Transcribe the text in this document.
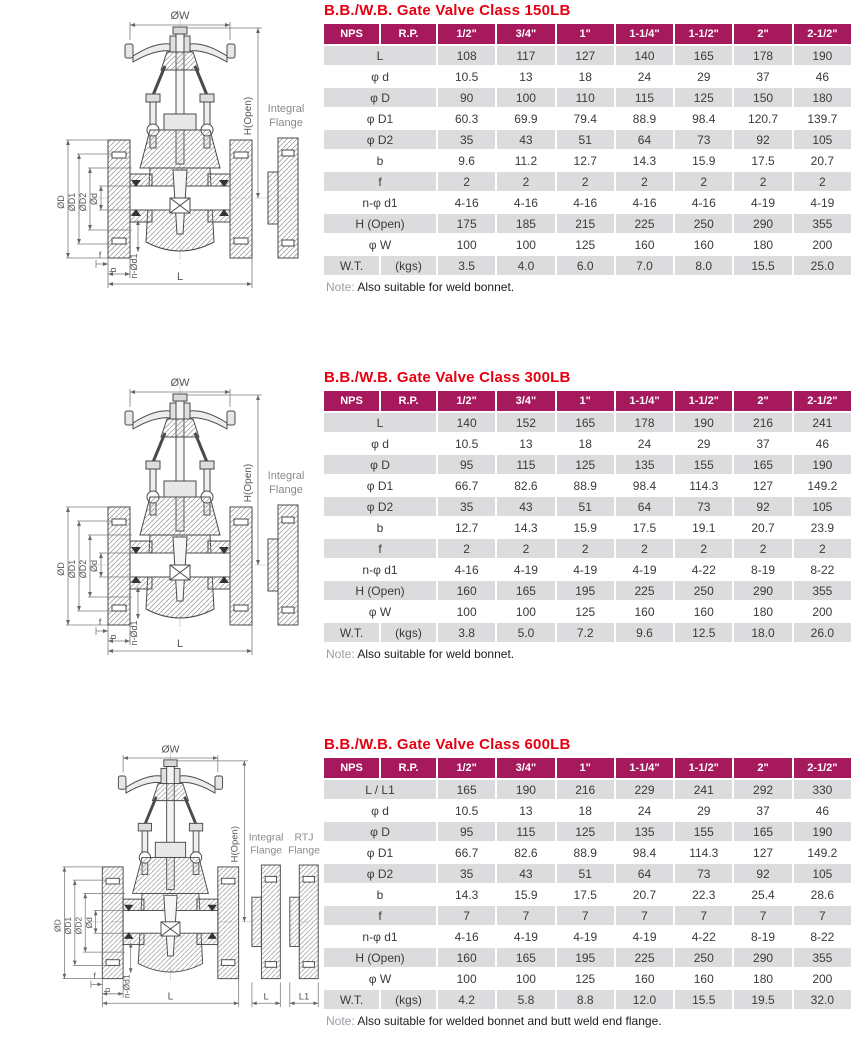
ØW
H(Open)
ØD ØD1 ØD2 Ød
f
b n-Ød1	L
Integral
Flange
B.B./W.B. Gate Valve Class 150LB
NPS	R.P.	1/2"	3/4"	1"	1-1/4"	1-1/2"	2"	2-1/2"
L		108	117	127	140	165	178	190
φ d		10.5	13	18	24	29	37	46
φ D		90	100	110	115	125	150	180
φ D1		60.3	69.9	79.4	88.9	98.4	120.7	139.7
φ D2		35	43	51	64	73	92	105
b		9.6	11.2	12.7	14.3	15.9	17.5	20.7
f		2	2	2	2	2	2	2
n-φ d1		4-16	4-16	4-16	4-16	4-16	4-19	4-19
H (Open)		175	185	215	225	250	290	355
φ W		100	100	125	160	160	180	200
W.T.	(kgs)	3.5	4.0	6.0	7.0	8.0	15.5	25.0

Note: Also suitable for weld bonnet.

ØW
H(Open)
ØD ØD1 ØD2 Ød
f
b n-Ød1	L
Integral
Flange
B.B./W.B. Gate Valve Class 300LB
NPS	R.P.	1/2"	3/4"	1"	1-1/4"	1-1/2"	2"	2-1/2"
L		140	152	165	178	190	216	241
φ d		10.5	13	18	24	29	37	46
φ D		95	115	125	135	155	165	190
φ D1		66.7	82.6	88.9	98.4	114.3	127	149.2
φ D2		35	43	51	64	73	92	105
b		12.7	14.3	15.9	17.5	19.1	20.7	23.9
f		2	2	2	2	2	2	2
n-φ d1		4-16	4-19	4-19	4-19	4-22	8-19	8-22
H (Open)		160	165	195	225	250	290	355
φ W		100	100	125	160	160	180	200
W.T.	(kgs)	3.8	5.0	7.2	9.6	12.5	18.0	26.0

Note: Also suitable for weld bonnet.

ØW
H(Open)
ØD ØD1 ØD2 Ød
f
b n-Ød1	L	L	L1
Integral
Flange
RTJ
Flange
B.B./W.B. Gate Valve Class 600LB
NPS	R.P.	1/2"	3/4"	1"	1-1/4"	1-1/2"	2"	2-1/2"
L / L1		165	190	216	229	241	292	330
φ d		10.5	13	18	24	29	37	46
φ D		95	115	125	135	155	165	190
φ D1		66.7	82.6	88.9	98.4	114.3	127	149.2
φ D2		35	43	51	64	73	92	105
b		14.3	15.9	17.5	20.7	22.3	25.4	28.6
f		7	7	7	7	7	7	7
n-φ d1		4-16	4-19	4-19	4-19	4-22	8-19	8-22
H (Open)		160	165	195	225	250	290	355
φ W		100	100	125	160	160	180	200
W.T.	(kgs)	4.2	5.8	8.8	12.0	15.5	19.5	32.0

Note: Also suitable for welded bonnet and butt weld end flange.
